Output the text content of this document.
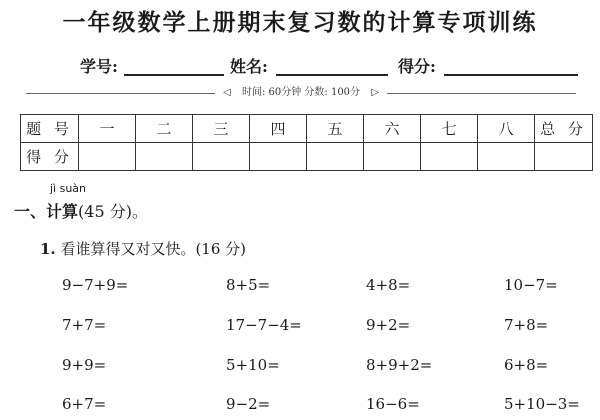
一年级数学上册期末复习数的计算专项训练
学号:	姓名:	得分:
◁ 时间: 60分钟 分数: 100分 ▷
题 号	一	二	三	四	五	六	七	八	总 分
得 分									
jì suàn
一、计算(45 分)。
1. 看谁算得又对又快。(16 分)
9−7+9=	8+5=	4+8=	10−7=
7+7=	17−7−4=	9+2=	7+8=
9+9=	5+10=	8+9+2=	6+8=
6+7=	9−2=	16−6=	5+10−3=
